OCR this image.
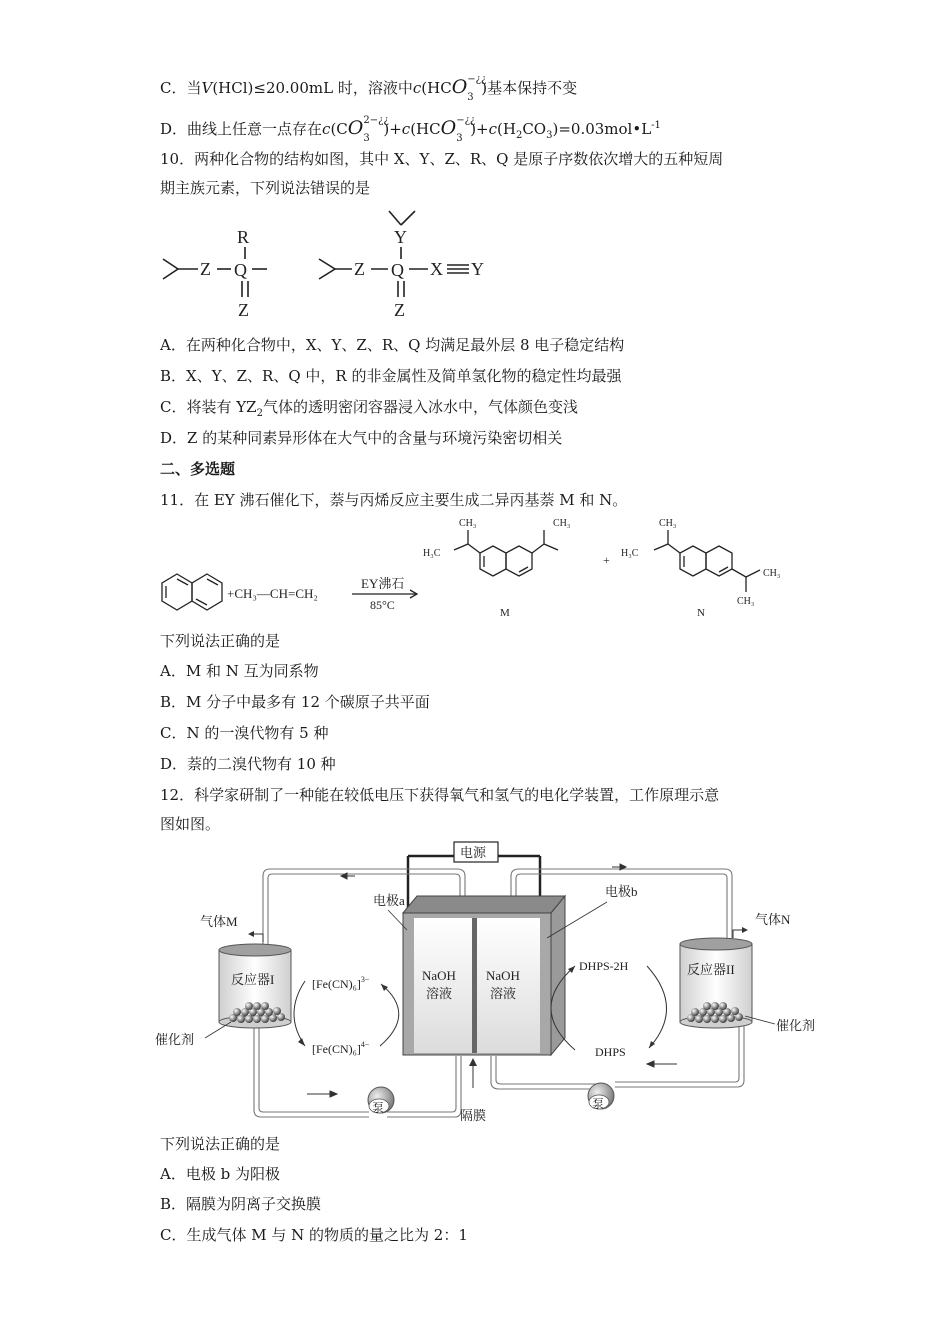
C．当V(HCl)≤20.00mL 时，溶液中c(HCO −¿¿
3
)基本保持不变
D．曲线上任意一点存在c(CO 2−¿¿
3
)+c(HCO −¿¿
3
)$+c(H_2CO_3)=0.03mol•L^{-1}$
10．两种化合物的结构如图，其中 X、Y、Z、R、Q 是原子序数依次增大的五种短周
期主族元素，下列说法错误的是
Z Q
R
Z
Z Q
Y
Z
X Y
A．在两种化合物中，X、Y、Z、R、Q 均满足最外层 8 电子稳定结构
B．X、Y、Z、R、Q 中，R 的非金属性及简单氢化物的稳定性均最强
C．将装有 $YZ_2$气体的透明密闭容器浸入冰水中，气体颜色变浅
D．Z 的某种同素异形体在大气中的含量与环境污染密切相关
二、多选题
11．在 EY 沸石催化下，萘与丙烯反应主要生成二异丙基萘 M 和 N。
+CH₃—CH=CH₂
EY沸石
85°C
H₃C
CH₃	CH₃
+ H₃C
CH₃
CH₃
CH₃
M	N
下列说法正确的是
A．M 和 N 互为同系物
B．M 分子中最多有 12 个碳原子共平面
C．N 的一溴代物有 5 种
D．萘的二溴代物有 10 种
12．科学家研制了一种能在较低电压下获得氧气和氢气的电化学装置，工作原理示意
图如图。
电源
NaOH
溶液
NaOH
溶液
电极a
电极b
反应器I
催化剂
气体M
$[Fe(CN)_6]^{3-}$
$[Fe(CN)_6]^{4-}$
DHPS-2H
DHPS
反应器II
催化剂
气体N
泵	泵
隔膜
下列说法正确的是
A．电极 b 为阳极
B．隔膜为阴离子交换膜
C．生成气体 M 与 N 的物质的量之比为 2：1
